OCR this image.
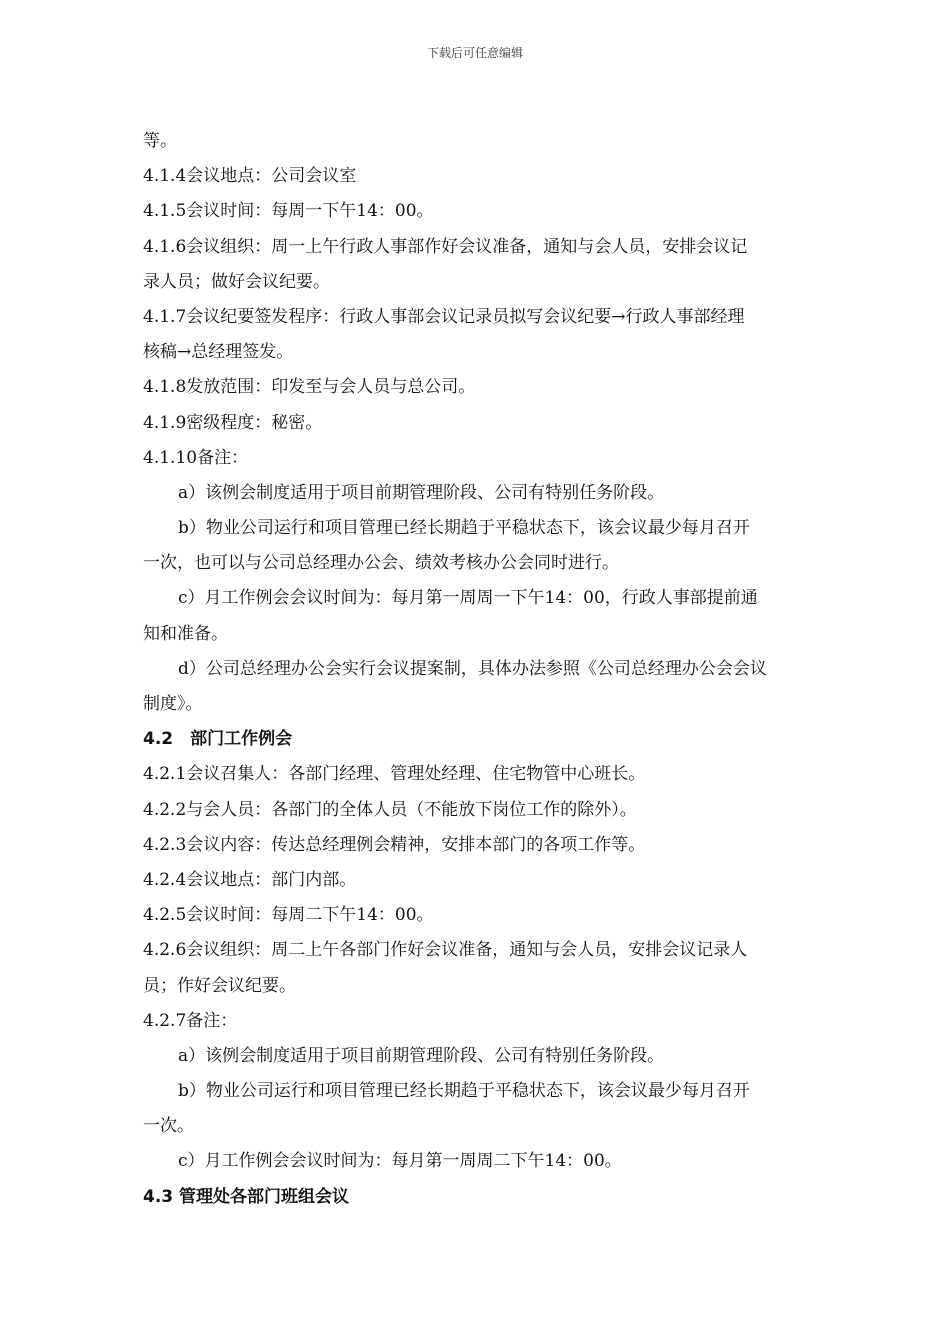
下载后可任意编辑
等。
4.1.4会议地点：公司会议室
4.1.5会议时间：每周一下午14：00。
4.1.6会议组织：周一上午行政人事部作好会议准备，通知与会人员，安排会议记
录人员；做好会议纪要。
4.1.7会议纪要签发程序：行政人事部会议记录员拟写会议纪要→行政人事部经理
核稿→总经理签发。
4.1.8发放范围：印发至与会人员与总公司。
4.1.9密级程度：秘密。
4.1.10备注：
a）该例会制度适用于项目前期管理阶段、公司有特别任务阶段。
b）物业公司运行和项目管理已经长期趋于平稳状态下，该会议最少每月召开
一次，也可以与公司总经理办公会、绩效考核办公会同时进行。
c）月工作例会会议时间为：每月第一周周一下午14：00，行政人事部提前通
知和准备。
d）公司总经理办公会实行会议提案制，具体办法参照《公司总经理办公会会议
制度》。
4.2　部门工作例会
4.2.1会议召集人：各部门经理、管理处经理、住宅物管中心班长。
4.2.2与会人员：各部门的全体人员（不能放下岗位工作的除外）。
4.2.3会议内容：传达总经理例会精神，安排本部门的各项工作等。
4.2.4会议地点：部门内部。
4.2.5会议时间：每周二下午14：00。
4.2.6会议组织：周二上午各部门作好会议准备，通知与会人员，安排会议记录人
员；作好会议纪要。
4.2.7备注：
a）该例会制度适用于项目前期管理阶段、公司有特别任务阶段。
b）物业公司运行和项目管理已经长期趋于平稳状态下，该会议最少每月召开
一次。
c）月工作例会会议时间为：每月第一周周二下午14：00。
4.3 管理处各部门班组会议
